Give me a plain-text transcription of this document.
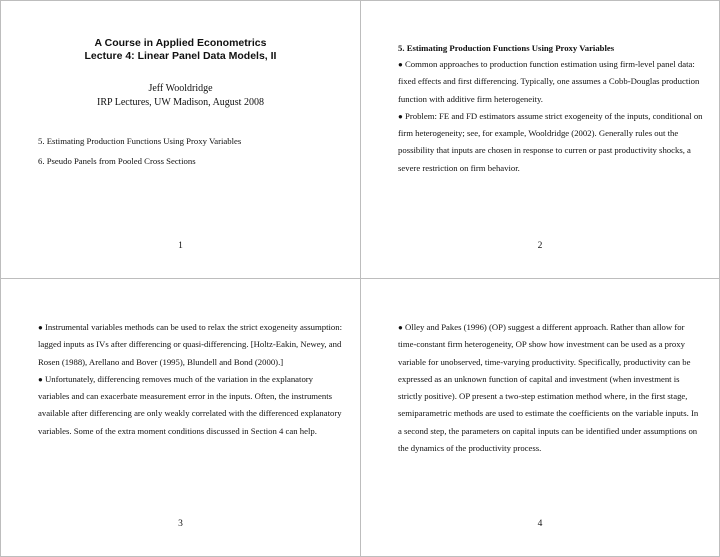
A Course in Applied Econometrics
Lecture 4: Linear Panel Data Models, II
Jeff Wooldridge
IRP Lectures, UW Madison, August 2008
5. Estimating Production Functions Using Proxy Variables
6. Pseudo Panels from Pooled Cross Sections
1
5. Estimating Production Functions Using Proxy Variables

● Common approaches to production function estimation using firm-level panel data: fixed effects and first differencing. Typically, one assumes a Cobb-Douglas production function with additive firm heterogeneity.

● Problem: FE and FD estimators assume strict exogeneity of the inputs, conditional on firm heterogeneity; see, for example, Wooldridge (2002). Generally rules out the possibility that inputs are chosen in response to curren or past productivity shocks, a severe restriction on firm behavior.

2

● Instrumental variables methods can be used to relax the strict exogeneity assumption: lagged inputs as IVs after differencing or quasi-differencing. [Holtz-Eakin, Newey, and Rosen (1988), Arellano and Bover (1995), Blundell and Bond (2000).]

● Unfortunately, differencing removes much of the variation in the explanatory variables and can exacerbate measurement error in the inputs. Often, the instruments available after differencing are only weakly correlated with the differenced explanatory variables. Some of the extra moment conditions discussed in Section 4 can help.

3

● Olley and Pakes (1996) (OP) suggest a different approach. Rather than allow for time-constant firm heterogeneity, OP show how investment can be used as a proxy variable for unobserved, time-varying productivity. Specifically, productivity can be expressed as an unknown function of capital and investment (when investment is strictly positive). OP present a two-step estimation method where, in the first stage, semiparametric methods are used to estimate the coefficients on the variable inputs. In a second step, the parameters on capital inputs can be identified under assumptions on the dynamics of the productivity process.

4
